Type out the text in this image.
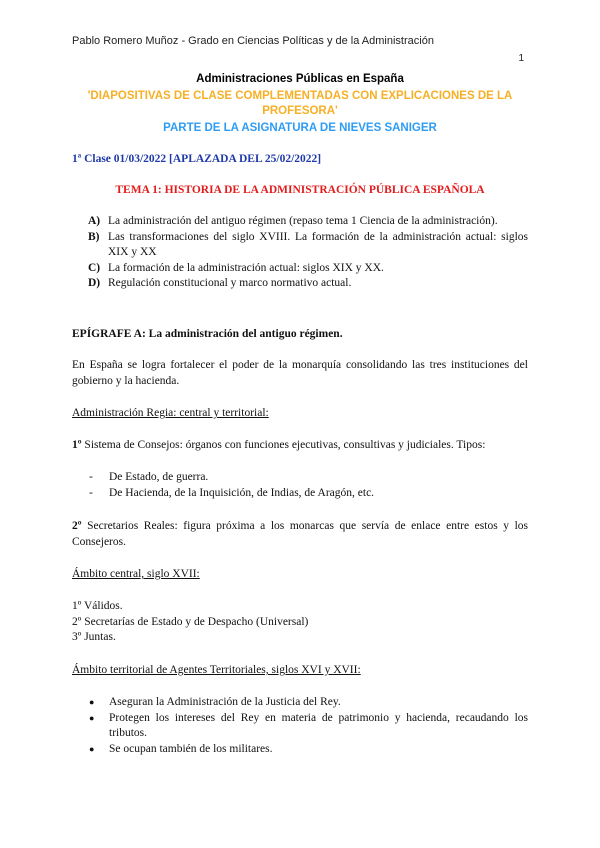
Pablo Romero Muñoz - Grado en Ciencias Políticas y de la Administración
1
Administraciones Públicas en España
'DIAPOSITIVAS DE CLASE COMPLEMENTADAS CON EXPLICACIONES DE LA PROFESORA'
PARTE DE LA ASIGNATURA DE NIEVES SANIGER
1ª Clase 01/03/2022 [APLAZADA DEL 25/02/2022]
TEMA 1: HISTORIA DE LA ADMINISTRACIÓN PÚBLICA ESPAÑOLA
A) La administración del antiguo régimen (repaso tema 1 Ciencia de la administración).
B) Las transformaciones del siglo XVIII. La formación de la administración actual: siglos XIX y XX
C) La formación de la administración actual: siglos XIX y XX.
D) Regulación constitucional y marco normativo actual.
EPÍGRAFE A: La administración del antiguo régimen.
En España se logra fortalecer el poder de la monarquía consolidando las tres instituciones del gobierno y la hacienda.
Administración Regia: central y territorial:
1º Sistema de Consejos: órganos con funciones ejecutivas, consultivas y judiciales. Tipos:
-	De Estado, de guerra.
-	De Hacienda, de la Inquisición, de Indias, de Aragón, etc.
2º Secretarios Reales: figura próxima a los monarcas que servía de enlace entre estos y los Consejeros.
Ámbito central, siglo XVII:
1º Válidos.
2º Secretarías de Estado y de Despacho (Universal)
3º Juntas.
Ámbito territorial de Agentes Territoriales, siglos XVI y XVII:
●	Aseguran la Administración de la Justicia del Rey.
●	Protegen los intereses del Rey en materia de patrimonio y hacienda, recaudando los tributos.
●	Se ocupan también de los militares.
